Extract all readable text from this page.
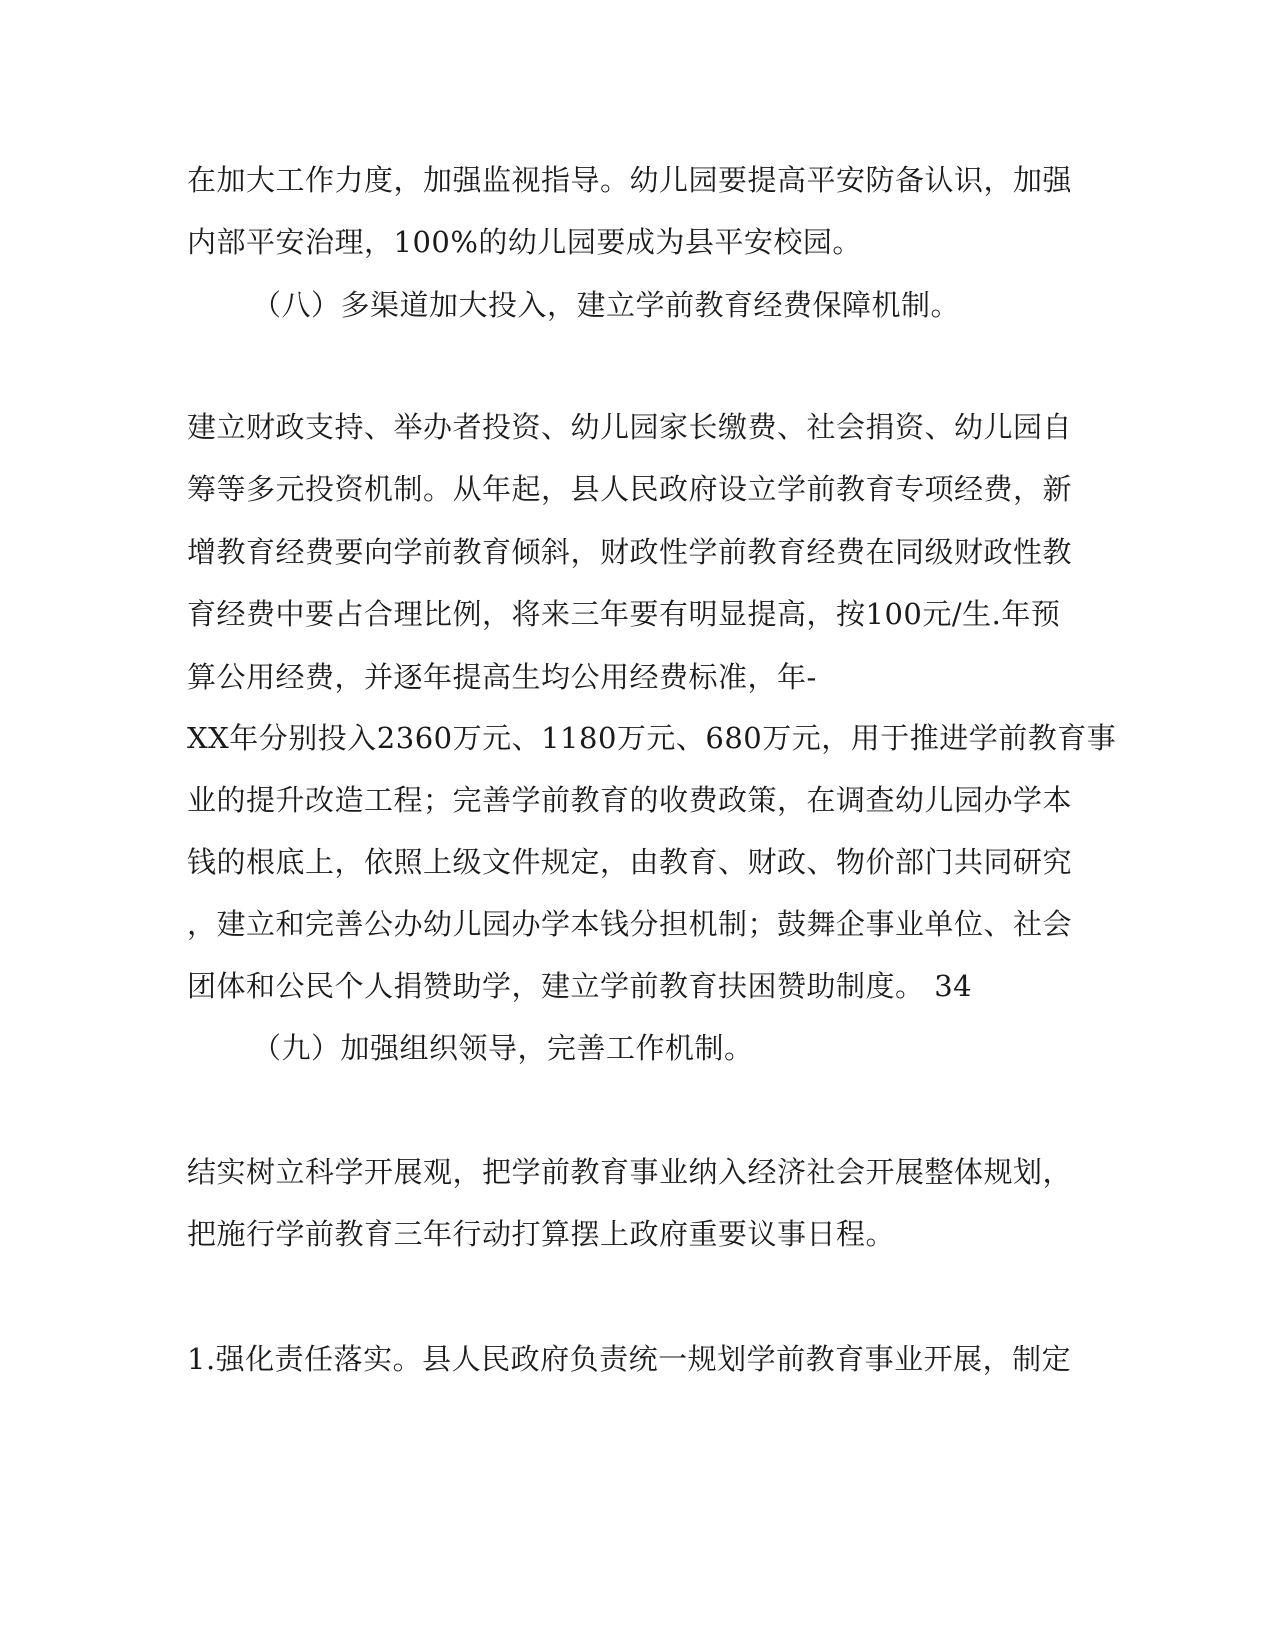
在加大工作力度，加强监视指导。幼儿园要提高平安防备认识，加强
内部平安治理，100%的幼儿园要成为县平安校园。
（八）多渠道加大投入，建立学前教育经费保障机制。
建立财政支持、举办者投资、幼儿园家长缴费、社会捐资、幼儿园自
筹等多元投资机制。从年起，县人民政府设立学前教育专项经费，新
增教育经费要向学前教育倾斜，财政性学前教育经费在同级财政性教
育经费中要占合理比例，将来三年要有明显提高，按100元/生.年预
算公用经费，并逐年提高生均公用经费标准，年-
XX年分别投入2360万元、1180万元、680万元，用于推进学前教育事
业的提升改造工程；完善学前教育的收费政策，在调查幼儿园办学本
钱的根底上，依照上级文件规定，由教育、财政、物价部门共同研究
，建立和完善公办幼儿园办学本钱分担机制；鼓舞企事业单位、社会
团体和公民个人捐赞助学，建立学前教育扶困赞助制度。 34
（九）加强组织领导，完善工作机制。
结实树立科学开展观，把学前教育事业纳入经济社会开展整体规划，
把施行学前教育三年行动打算摆上政府重要议事日程。
1.强化责任落实。县人民政府负责统一规划学前教育事业开展，制定
